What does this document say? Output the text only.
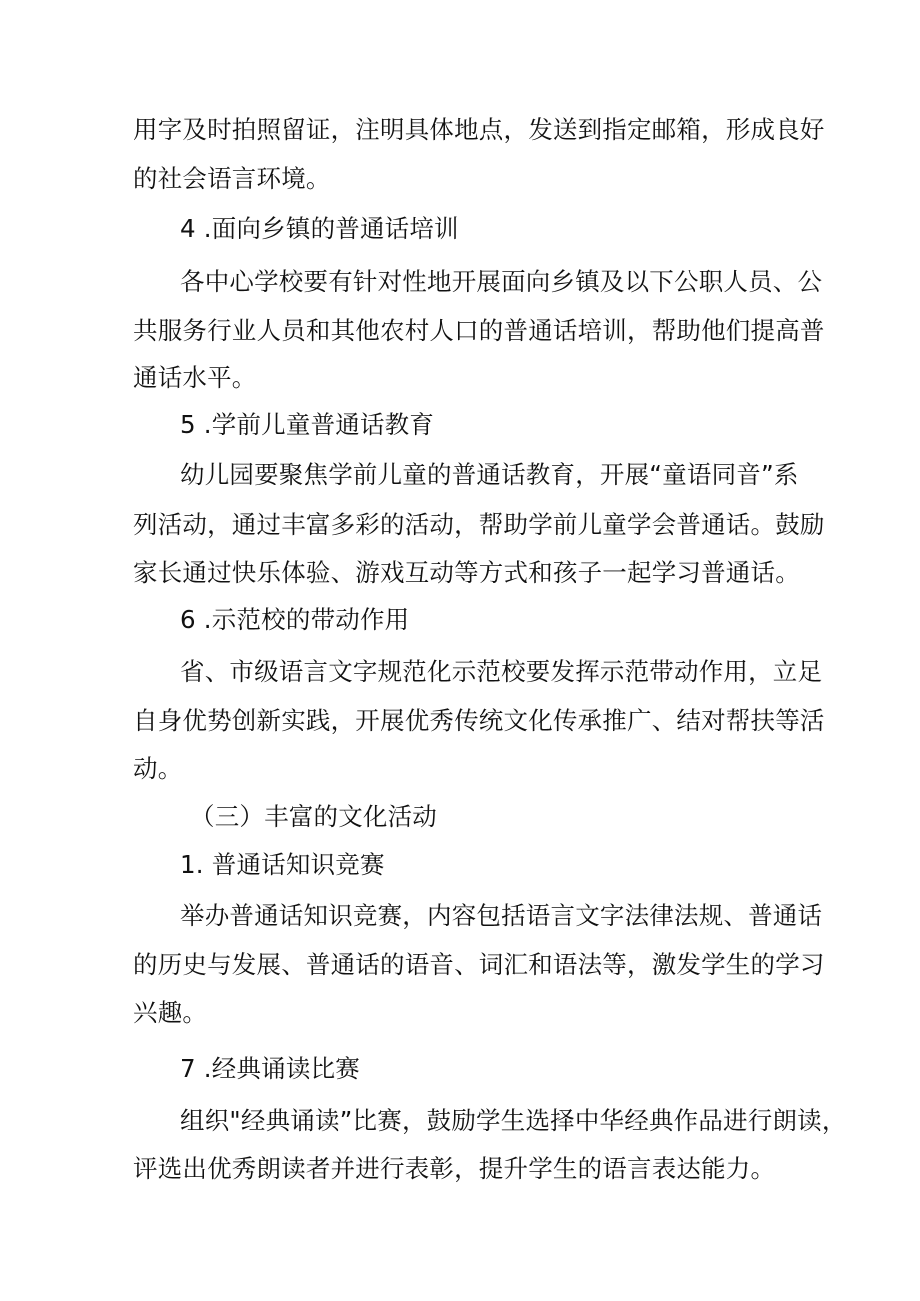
用字及时拍照留证，注明具体地点，发送到指定邮箱，形成良好
的社会语言环境。
4 .面向乡镇的普通话培训
各中心学校要有针对性地开展面向乡镇及以下公职人员、公
共服务行业人员和其他农村人口的普通话培训，帮助他们提高普
通话水平。
5 .学前儿童普通话教育
幼儿园要聚焦学前儿童的普通话教育，开展“童语同音”系
列活动，通过丰富多彩的活动，帮助学前儿童学会普通话。鼓励
家长通过快乐体验、游戏互动等方式和孩子一起学习普通话。
6 .示范校的带动作用
省、市级语言文字规范化示范校要发挥示范带动作用，立足
自身优势创新实践，开展优秀传统文化传承推广、结对帮扶等活
动。
（三）丰富的文化活动
1. 普通话知识竞赛
举办普通话知识竞赛，内容包括语言文字法律法规、普通话
的历史与发展、普通话的语音、词汇和语法等，激发学生的学习
兴趣。
7 .经典诵读比赛
组织"经典诵读”比赛，鼓励学生选择中华经典作品进行朗读，
评选出优秀朗读者并进行表彰，提升学生的语言表达能力。
